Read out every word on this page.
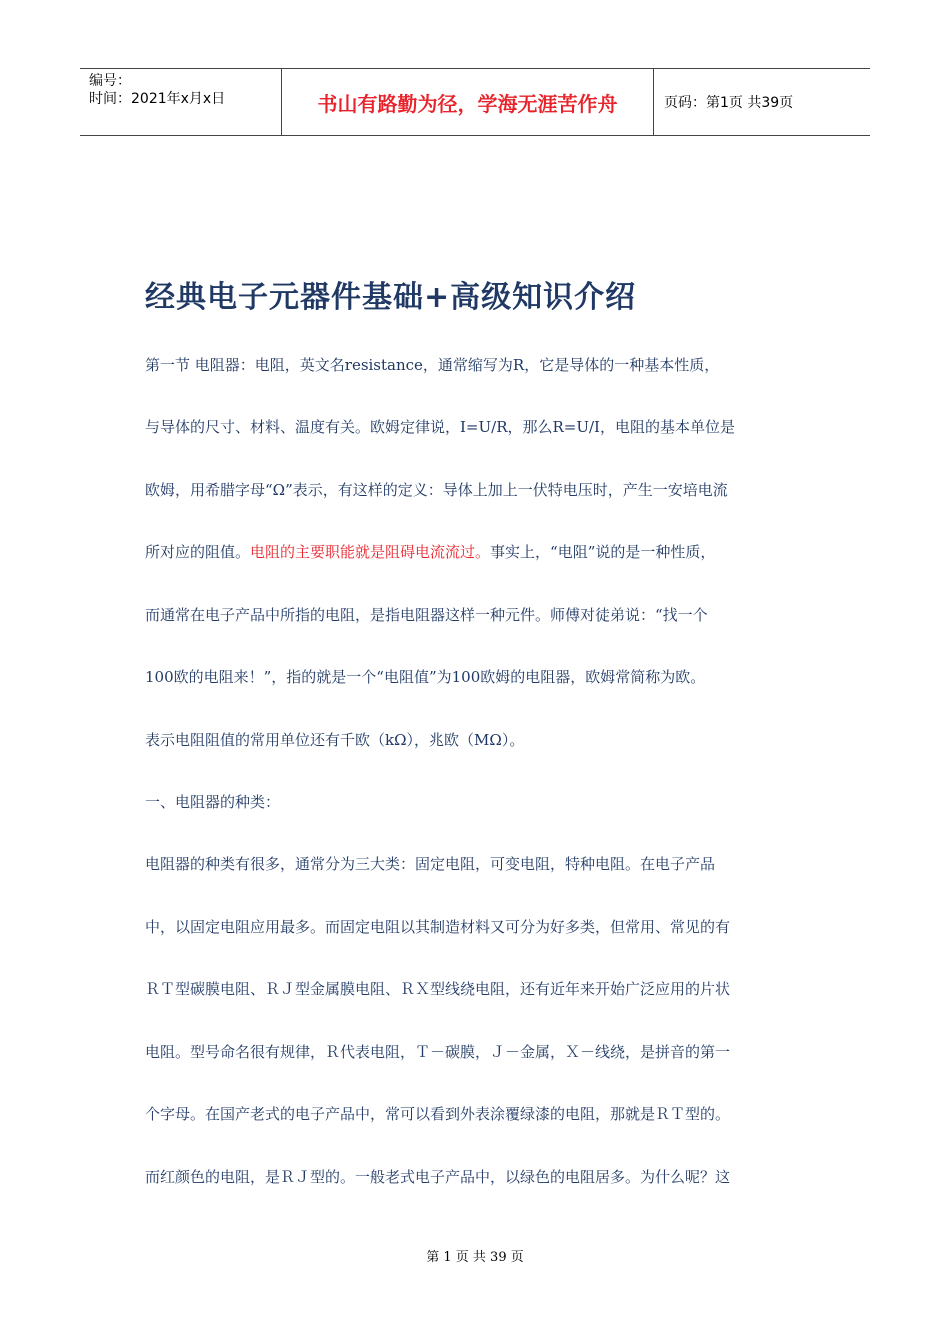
编号：
时间：2021年x月x日	书山有路勤为径，学海无涯苦作舟	页码：第1页 共39页
经典电子元器件基础+高级知识介绍
第一节 电阻器：电阻，英文名resistance，通常缩写为R，它是导体的一种基本性质，
与导体的尺寸、材料、温度有关。欧姆定律说，I=U/R，那么R=U/I，电阻的基本单位是
欧姆，用希腊字母“Ω”表示，有这样的定义：导体上加上一伏特电压时，产生一安培电流
所对应的阻值。电阻的主要职能就是阻碍电流流过。事实上，“电阻”说的是一种性质，
而通常在电子产品中所指的电阻，是指电阻器这样一种元件。师傅对徒弟说：“找一个
100欧的电阻来！”，指的就是一个“电阻值”为100欧姆的电阻器，欧姆常简称为欧。
表示电阻阻值的常用单位还有千欧（kΩ），兆欧（MΩ）。
一、电阻器的种类：
电阻器的种类有很多，通常分为三大类：固定电阻，可变电阻，特种电阻。在电子产品
中，以固定电阻应用最多。而固定电阻以其制造材料又可分为好多类，但常用、常见的有
ＲＴ型碳膜电阻、ＲＪ型金属膜电阻、ＲＸ型线绕电阻，还有近年来开始广泛应用的片状
电阻。型号命名很有规律，Ｒ代表电阻，Ｔ－碳膜，Ｊ－金属，Ｘ－线绕，是拼音的第一
个字母。在国产老式的电子产品中，常可以看到外表涂覆绿漆的电阻，那就是ＲＴ型的。
而红颜色的电阻，是ＲＪ型的。一般老式电子产品中，以绿色的电阻居多。为什么呢？这
第 1 页 共 39 页
